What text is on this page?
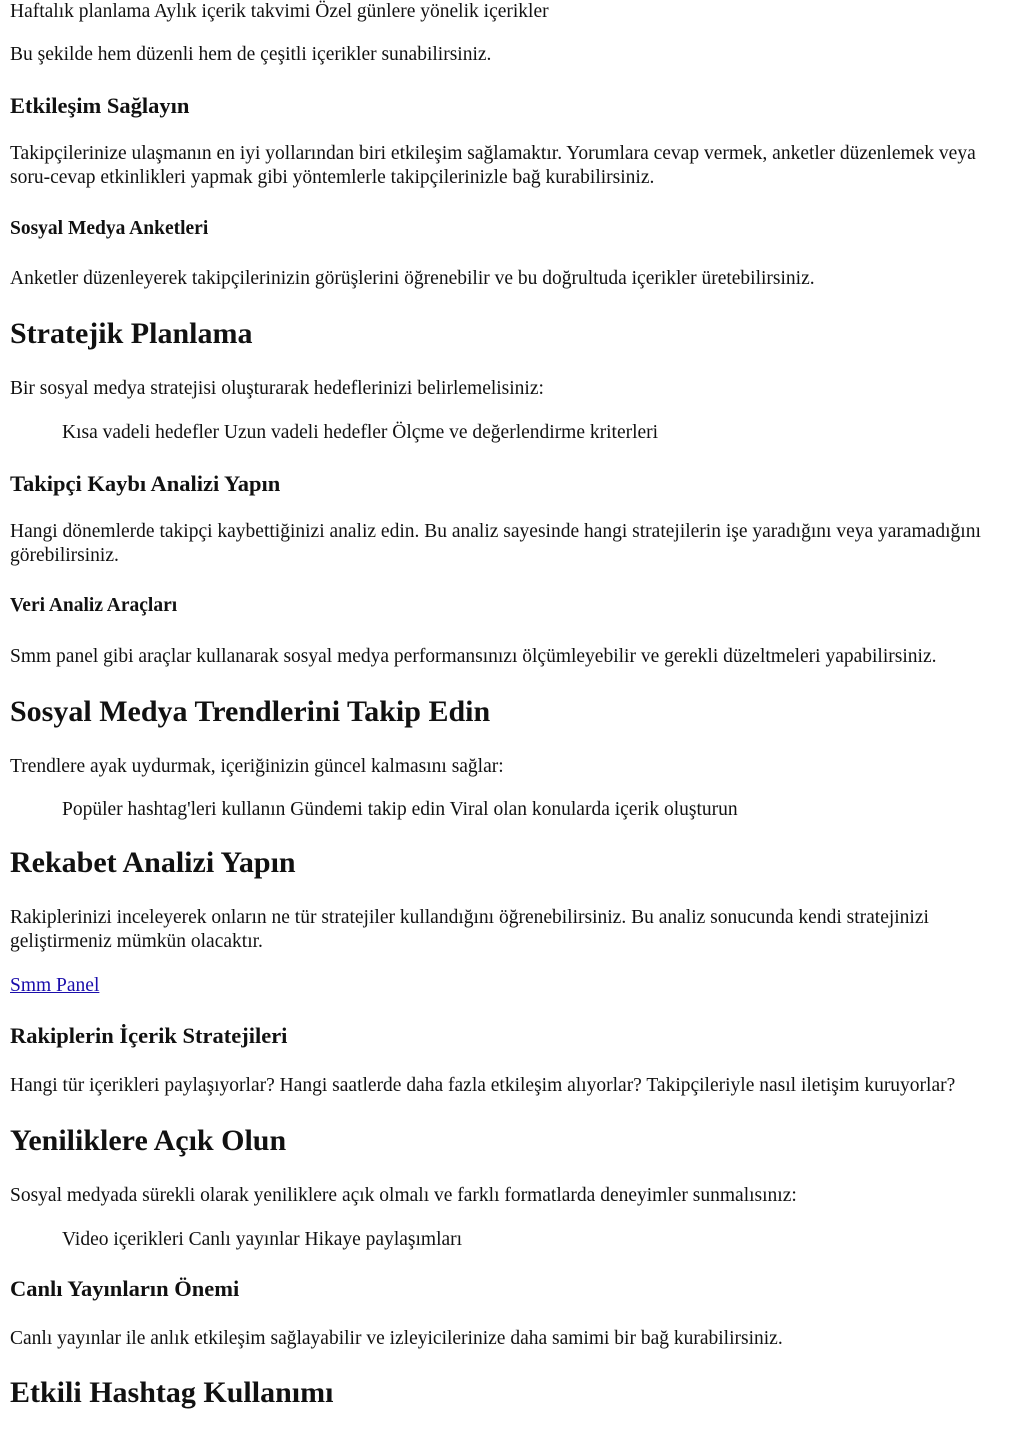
Haftalık planlama Aylık içerik takvimi Özel günlere yönelik içerikler

Bu şekilde hem düzenli hem de çeşitli içerikler sunabilirsiniz.

Etkileşim Sağlayın

Takipçilerinize ulaşmanın en iyi yollarından biri etkileşim sağlamaktır. Yorumlara cevap vermek, anketler düzenlemek veya soru-cevap etkinlikleri yapmak gibi yöntemlerle takipçilerinizle bağ kurabilirsiniz.

Sosyal Medya Anketleri

Anketler düzenleyerek takipçilerinizin görüşlerini öğrenebilir ve bu doğrultuda içerikler üretebilirsiniz.

Stratejik Planlama

Bir sosyal medya stratejisi oluşturarak hedeflerinizi belirlemelisiniz:

Kısa vadeli hedefler Uzun vadeli hedefler Ölçme ve değerlendirme kriterleri

Takipçi Kaybı Analizi Yapın

Hangi dönemlerde takipçi kaybettiğinizi analiz edin. Bu analiz sayesinde hangi stratejilerin işe yaradığını veya yaramadığını görebilirsiniz.

Veri Analiz Araçları

Smm panel gibi araçlar kullanarak sosyal medya performansınızı ölçümleyebilir ve gerekli düzeltmeleri yapabilirsiniz.

Sosyal Medya Trendlerini Takip Edin

Trendlere ayak uydurmak, içeriğinizin güncel kalmasını sağlar:

Popüler hashtag'leri kullanın Gündemi takip edin Viral olan konularda içerik oluşturun

Rekabet Analizi Yapın

Rakiplerinizi inceleyerek onların ne tür stratejiler kullandığını öğrenebilirsiniz. Bu analiz sonucunda kendi stratejinizi geliştirmeniz mümkün olacaktır.

Smm Panel
Rakiplerin İçerik Stratejileri

Hangi tür içerikleri paylaşıyorlar? Hangi saatlerde daha fazla etkileşim alıyorlar? Takipçileriyle nasıl iletişim kuruyorlar?

Yeniliklere Açık Olun

Sosyal medyada sürekli olarak yeniliklere açık olmalı ve farklı formatlarda deneyimler sunmalısınız:

Video içerikleri Canlı yayınlar Hikaye paylaşımları

Canlı Yayınların Önemi

Canlı yayınlar ile anlık etkileşim sağlayabilir ve izleyicilerinize daha samimi bir bağ kurabilirsiniz.

Etkili Hashtag Kullanımı
